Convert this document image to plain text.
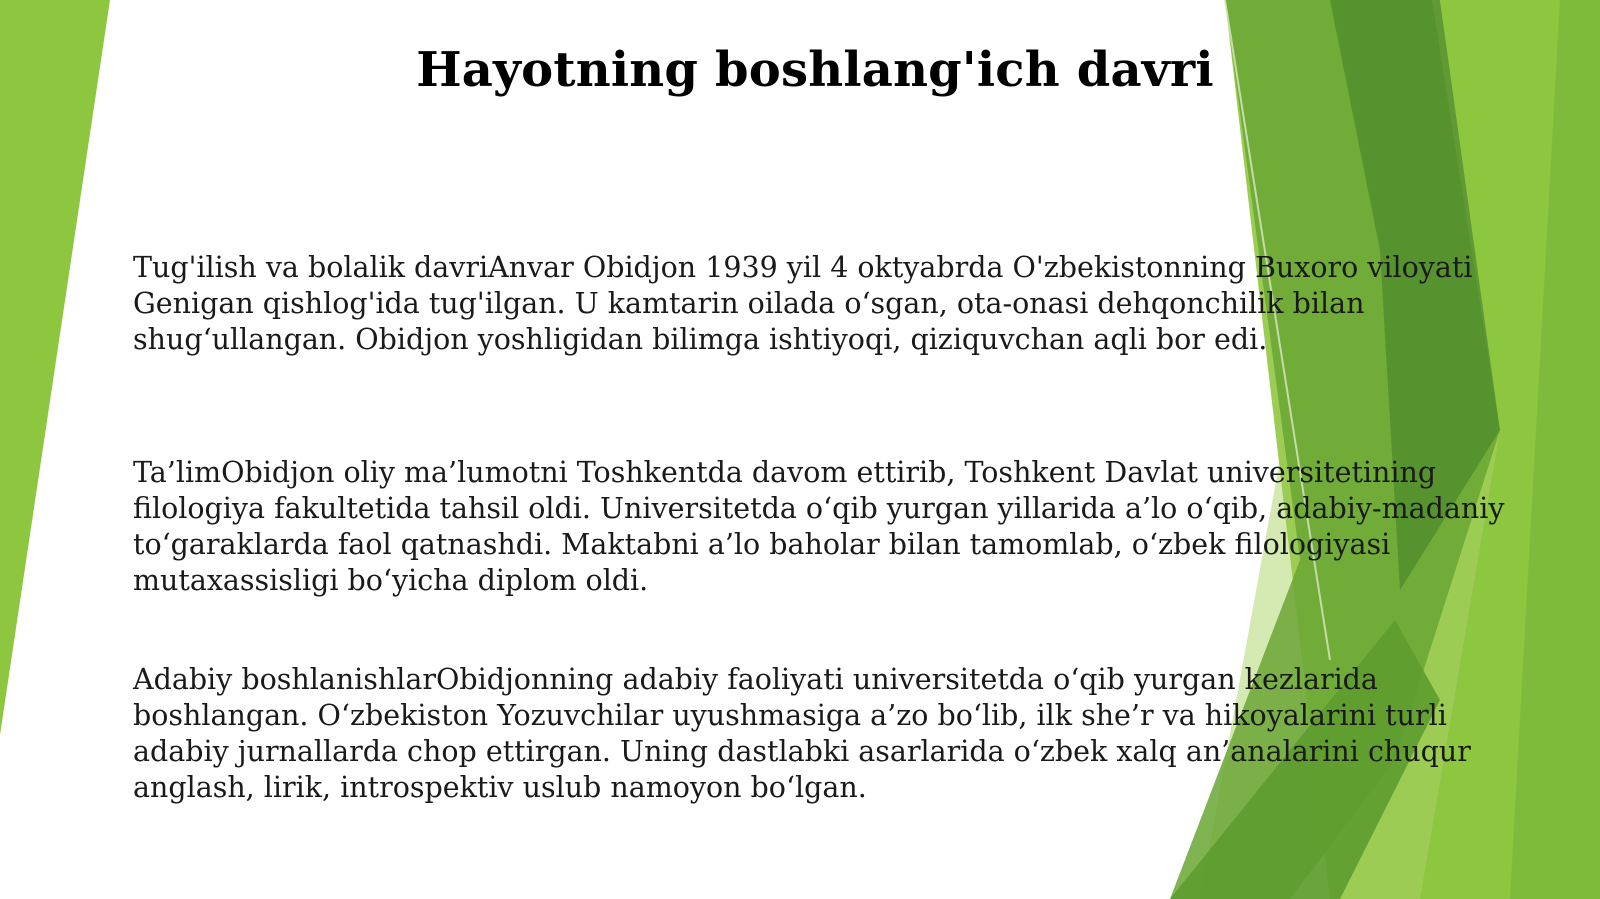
Hayotning boshlang'ich davri

Tug'ilish va bolalik davriAnvar Obidjon 1939 yil 4 oktyabrda O'zbekistonning Buxoro viloyati
Genigan qishlog'ida tug'ilgan. U kamtarin oilada o‘sgan, ota-onasi dehqonchilik bilan
shug‘ullangan. Obidjon yoshligidan bilimga ishtiyoqi, qiziquvchan aqli bor edi.

Ta’limObidjon oliy ma’lumotni Toshkentda davom ettirib, Toshkent Davlat universitetining
filologiya fakultetida tahsil oldi. Universitetda o‘qib yurgan yillarida a’lo o‘qib, adabiy-madaniy
to‘garaklarda faol qatnashdi. Maktabni a’lo baholar bilan tamomlab, o‘zbek filologiyasi
mutaxassisligi bo‘yicha diplom oldi.

Adabiy boshlanishlarObidjonning adabiy faoliyati universitetda o‘qib yurgan kezlarida
boshlangan. O‘zbekiston Yozuvchilar uyushmasiga a’zo bo‘lib, ilk she’r va hikoyalarini turli
adabiy jurnallarda chop ettirgan. Uning dastlabki asarlarida o‘zbek xalq an’analarini chuqur
anglash, lirik, introspektiv uslub namoyon bo‘lgan.
